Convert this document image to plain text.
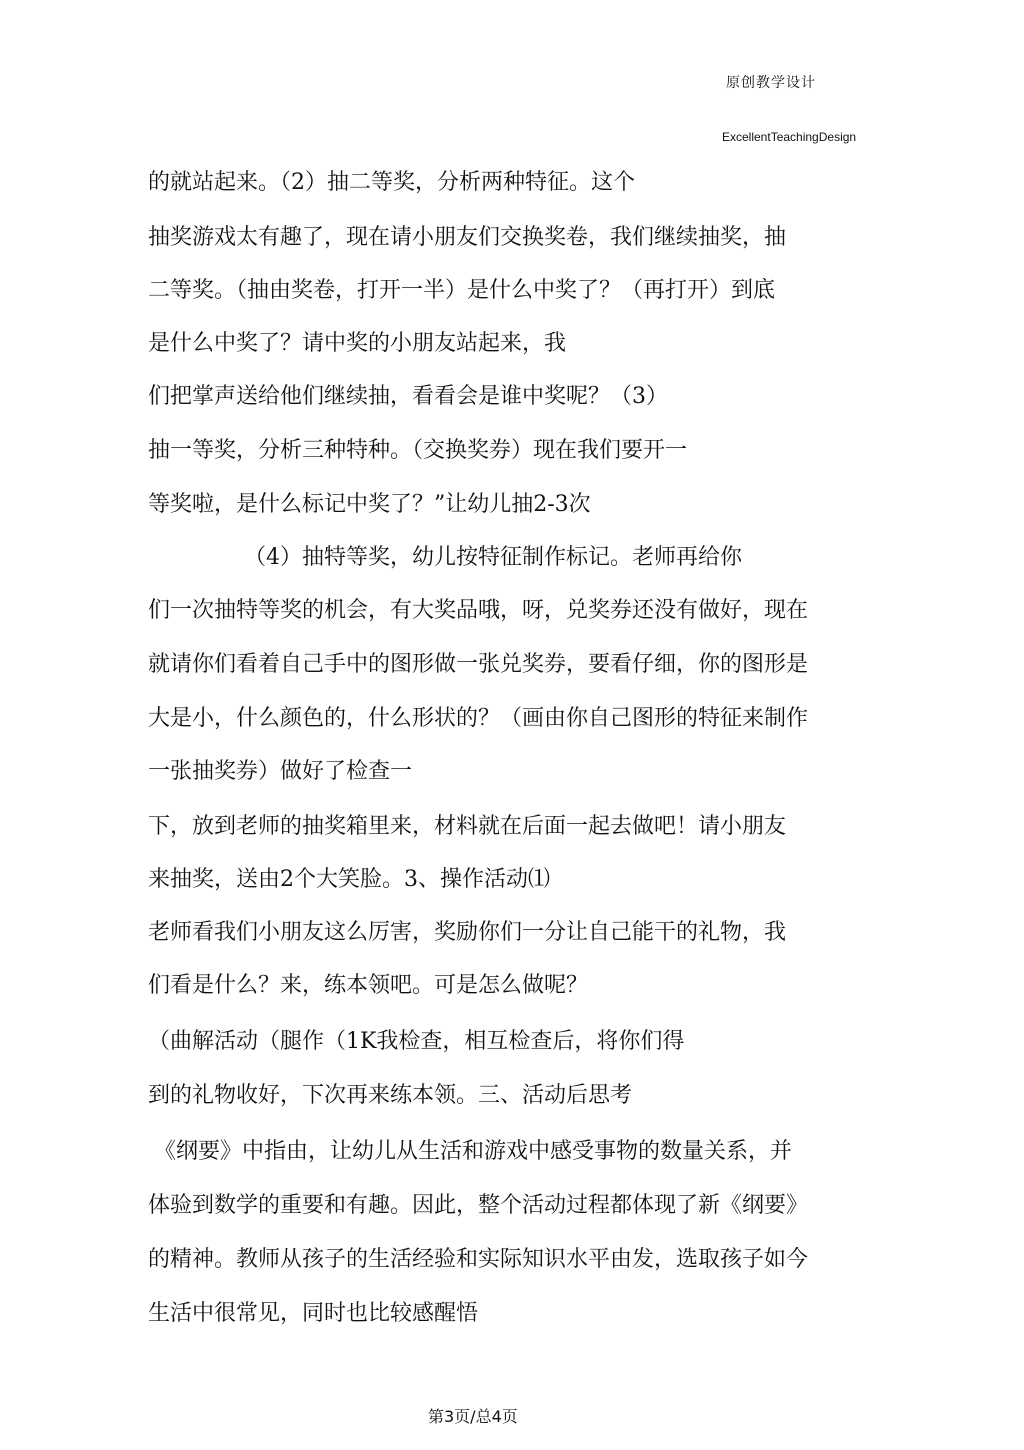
原创教学设计
ExcellentTeachingDesign
的就站起来。（2）抽二等奖，分析两种特征。这个
抽奖游戏太有趣了，现在请小朋友们交换奖卷，我们继续抽奖，抽
二等奖。（抽由奖卷，打开一半）是什么中奖了？（再打开）到底
是什么中奖了？请中奖的小朋友站起来，我
们把掌声送给他们继续抽，看看会是谁中奖呢？（3）
抽一等奖，分析三种特种。（交换奖券）现在我们要开一
等奖啦，是什么标记中奖了？”让幼儿抽2-3次
（4）抽特等奖，幼儿按特征制作标记。老师再给你
们一次抽特等奖的机会，有大奖品哦，呀，兑奖券还没有做好，现在
就请你们看着自己手中的图形做一张兑奖券，要看仔细，你的图形是
大是小，什么颜色的，什么形状的？（画由你自己图形的特征来制作
一张抽奖券）做好了检查一
下，放到老师的抽奖箱里来，材料就在后面一起去做吧！请小朋友
来抽奖，送由2个大笑脸。3、操作活动⑴
老师看我们小朋友这么厉害，奖励你们一分让自己能干的礼物，我
们看是什么？来，练本领吧。可是怎么做呢？
（曲解活动（腿作（1K我检查，相互检查后，将你们得
到的礼物收好，下次再来练本领。三、活动后思考
《纲要》中指由，让幼儿从生活和游戏中感受事物的数量关系，并
体验到数学的重要和有趣。因此，整个活动过程都体现了新《纲要》
的精神。教师从孩子的生活经验和实际知识水平由发，选取孩子如今
生活中很常见，同时也比较感醒悟
第3页/总4页
